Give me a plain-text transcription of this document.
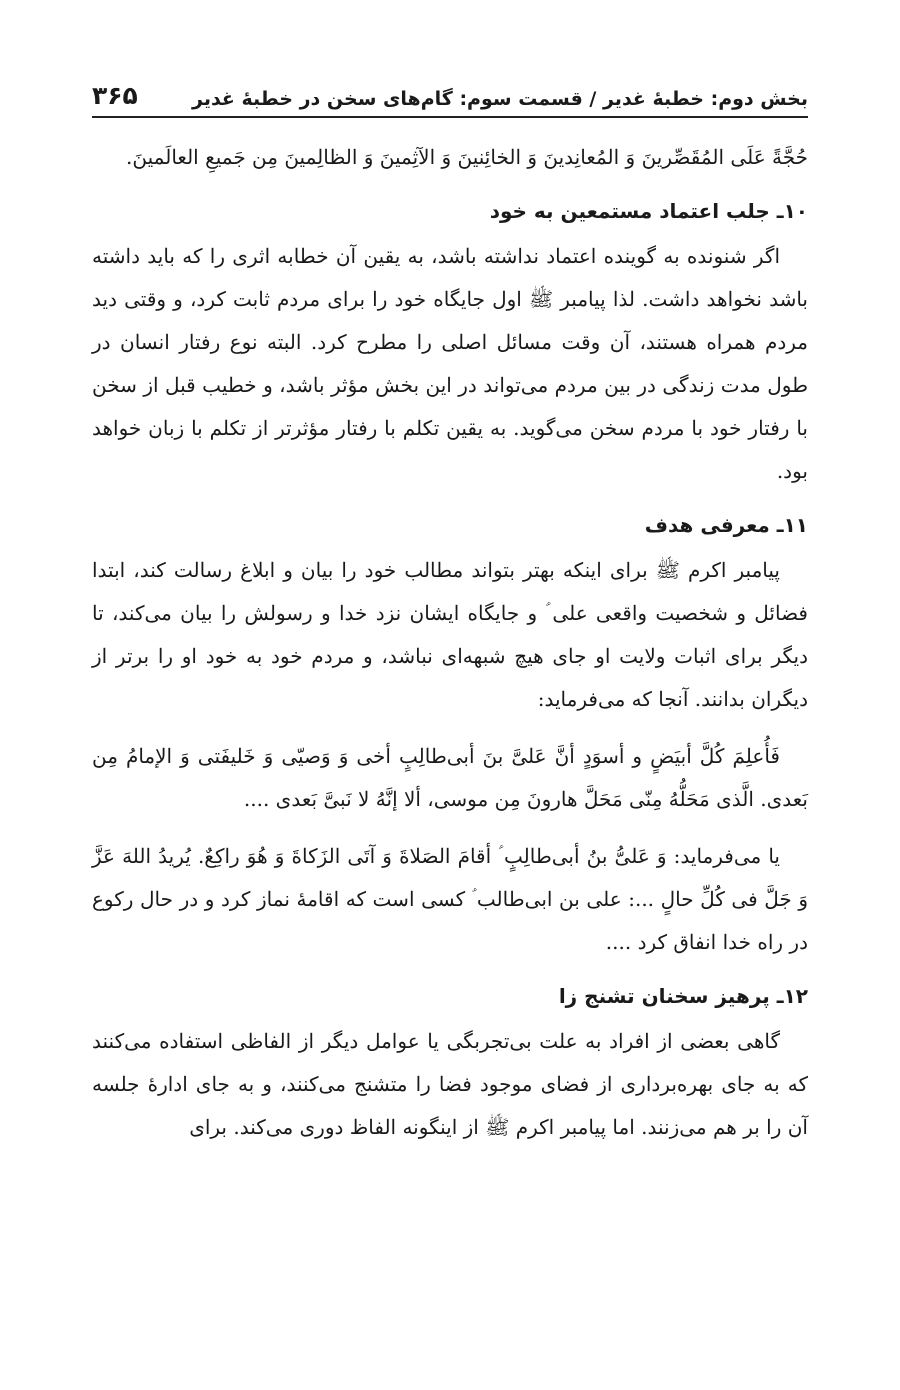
بخش دوم: خطبهٔ غدیر / قسمت سوم: گام‌های سخن در خطبهٔ غدیر
۳۶۵

حُجَّةً عَلَی المُقَصِّرینَ وَ المُعانِدینَ وَ الخائِنینَ وَ الآثِمینَ وَ الظالِمینَ مِن جَمیعِ العالَمینَ.

۱۰ـ جلب اعتماد مستمعین به خود

اگر شنونده به گوینده اعتماد نداشته باشد، به یقین آن خطابه اثری را که باید داشته باشد نخواهد داشت. لذا پیامبر ﷺ اول جایگاه خود را برای مردم ثابت کرد، و وقتی دید مردم همراه هستند، آن وقت مسائل اصلی را مطرح کرد. البته نوع رفتار انسان در طول مدت زندگی در بین مردم می‌تواند در این بخش مؤثر باشد، و خطیب قبل از سخن با رفتار خود با مردم سخن می‌گوید. به یقین تکلم با رفتار مؤثرتر از تکلم با زبان خواهد بود.

۱۱ـ معرفی هدف

پیامبر اکرم ﷺ برای اینکه بهتر بتواند مطالب خود را بیان و ابلاغ رسالت کند، ابتدا فضائل و شخصیت واقعی علی ؑ و جایگاه ایشان نزد خدا و رسولش را بیان می‌کند، تا دیگر برای اثبات ولایت او جای هیچ شبهه‌ای نباشد، و مردم خود به خود او را برتر از دیگران بدانند. آنجا که می‌فرماید:

فَأُعلِمَ کُلَّ أبیَضٍ و أسوَدٍ أنَّ عَلیَّ بنَ أبی‌طالِبٍ أخی وَ وَصیّی وَ خَلیفَتی وَ الإمامُ مِن بَعدی. الَّذی مَحَلُّهُ مِنّی مَحَلَّ هارونَ مِن موسی، ألا إنَّهُ لا نَبیَّ بَعدی ....

یا می‌فرماید: وَ عَلیُّ بنُ أبی‌طالِبٍ ؑ أقامَ الصَلاةَ وَ آتَی الزَکاةَ وَ هُوَ راکِعٌ. یُریدُ اللهَ عَزَّ وَ جَلَّ فی کُلِّ حالٍ ...: علی بن ابی‌طالب ؑ کسی است که اقامهٔ نماز کرد و در حال رکوع در راه خدا انفاق کرد ....

۱۲ـ پرهیز سخنان تشنج زا

گاهی بعضی از افراد به علت بی‌تجربگی یا عوامل دیگر از الفاظی استفاده می‌کنند که به جای بهره‌برداری از فضای موجود فضا را متشنج می‌کنند، و به جای ادارهٔ جلسه آن را بر هم می‌زنند. اما پیامبر اکرم ﷺ از اینگونه الفاظ دوری می‌کند. برای
